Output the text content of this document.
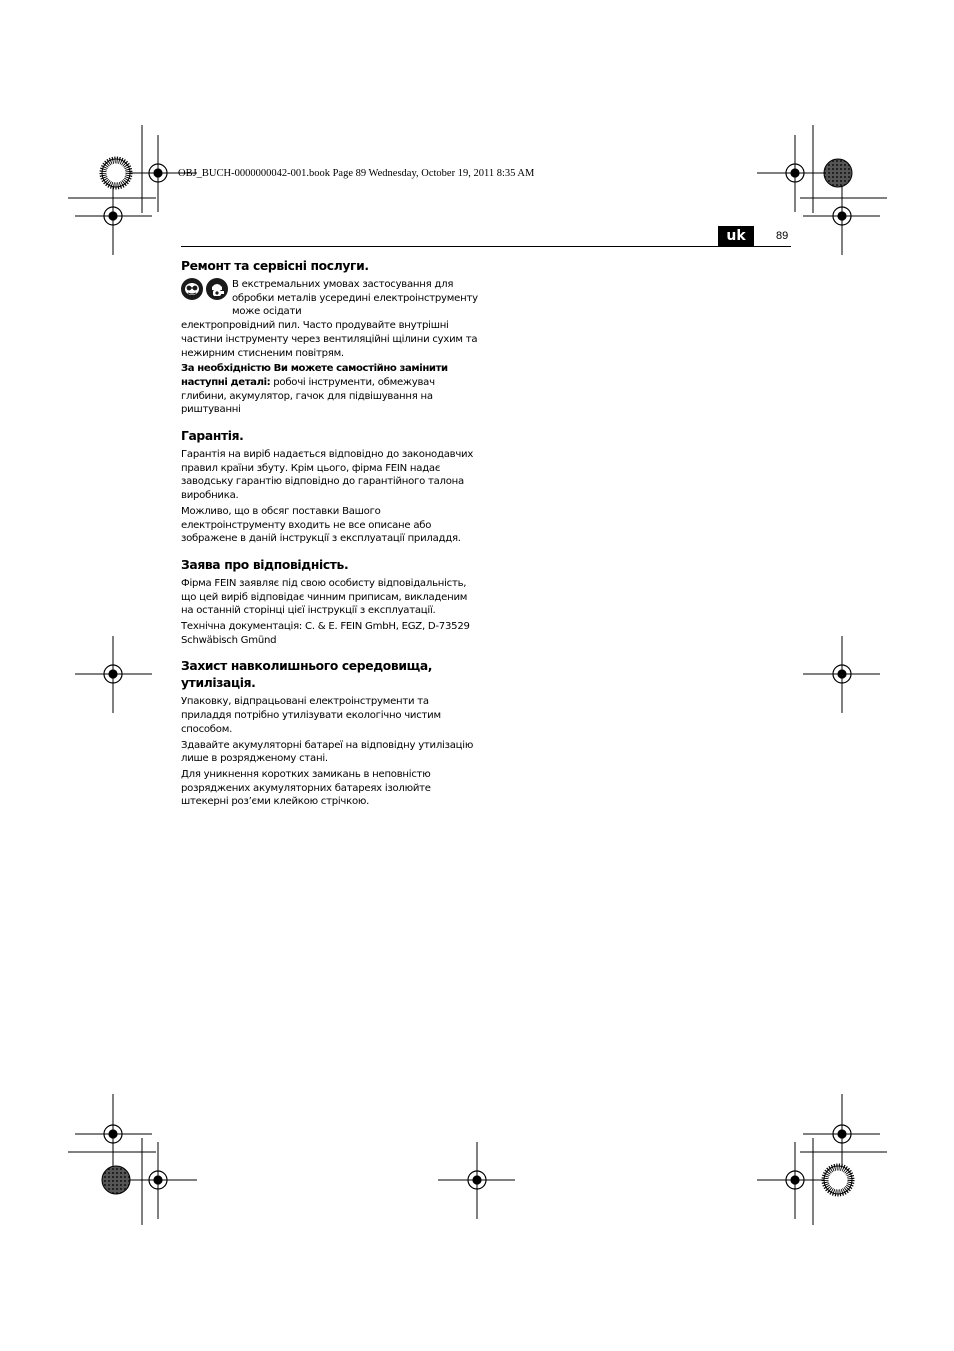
OBJ_BUCH-0000000042-001.book Page 89 Wednesday, October 19, 2011 8:35 AM
uk	89
Ремонт та сервісні послуги.

В екстремальних умовах застосування для обробки металів усередині електроінструменту може осідати

електропровідний пил. Часто продувайте внутрішні частини інструменту через вентиляційні щілини сухим та нежирним стисненим повітрям.

За необхідністю Ви можете самостійно замінити наступні деталі: робочі інструменти, обмежувач глибини, акумулятор, гачок для підвішування на риштуванні

Гарантія.

Гарантія на виріб надається відповідно до законодавчих правил країни збуту. Крім цього, фірма FEIN надає заводську гарантію відповідно до гарантійного талона виробника.

Можливо, що в обсяг поставки Вашого електроінструменту входить не все описане або зображене в даній інструкції з експлуатації приладдя.

Заява про відповідність.

Фірма FEIN заявляє під свою особисту відповідальність, що цей виріб відповідає чинним приписам, викладеним на останній сторінці цієї інструкції з експлуатації.

Технічна документація: C. & E. FEIN GmbH, EGZ, D-73529 Schwäbisch Gmünd

Захист навколишнього середовища, утилізація.

Упаковку, відпрацьовані електроінструменти та приладдя потрібно утилізувати екологічно чистим способом.

Здавайте акумуляторні батареї на відповідну утилізацію лише в розрядженому стані.

Для уникнення коротких замикань в неповністю розряджених акумуляторних батареях ізолюйте штекерні роз’єми клейкою стрічкою.
